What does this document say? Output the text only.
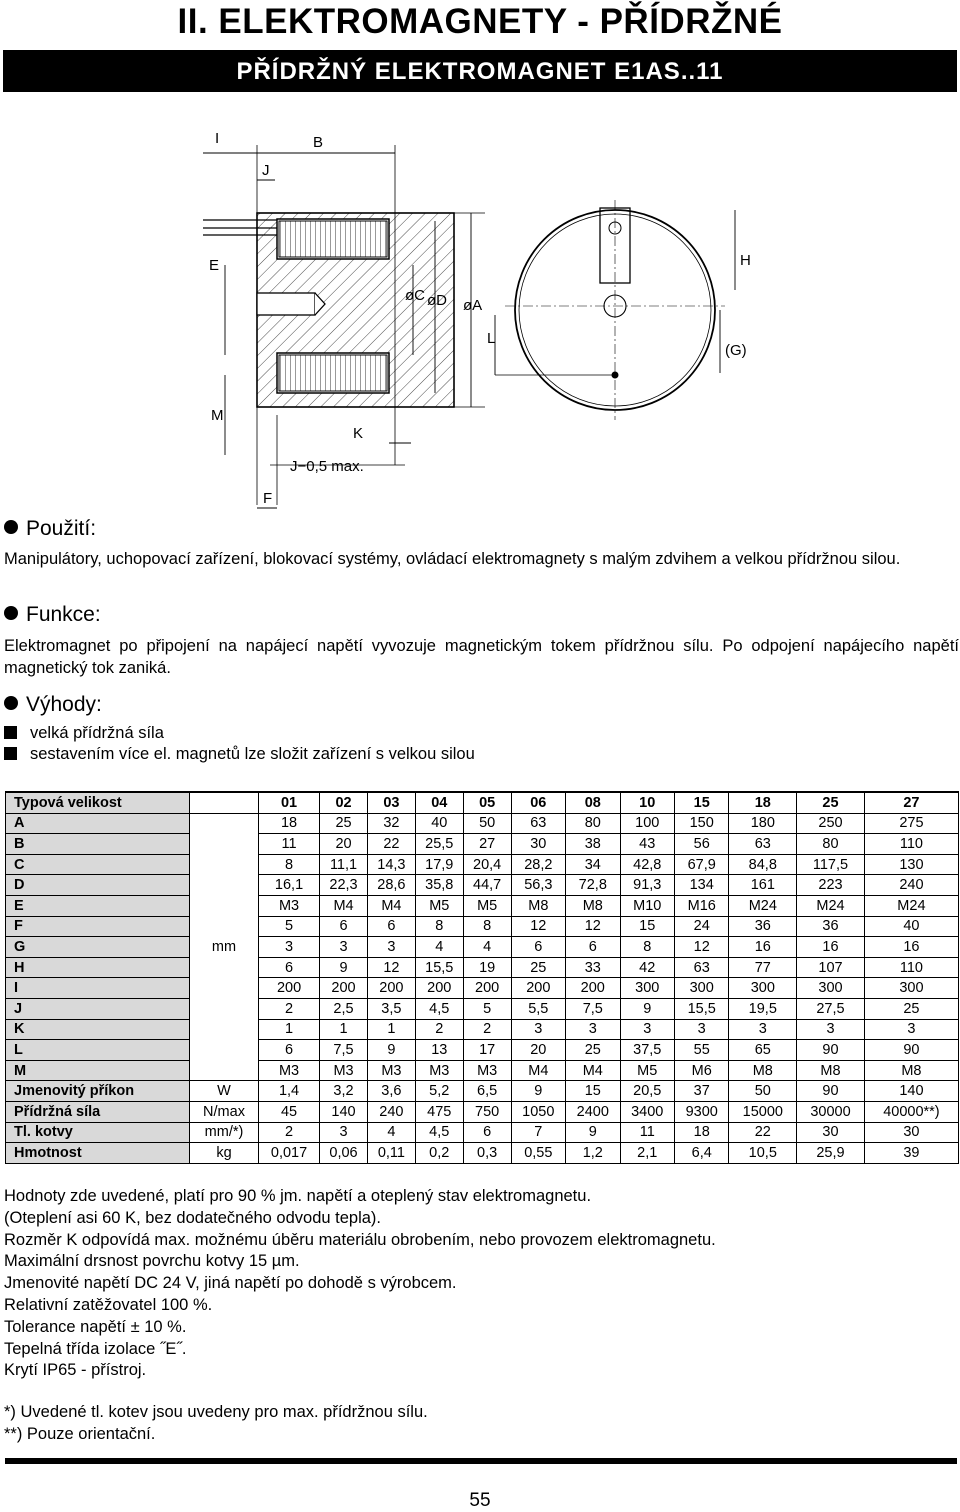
II. ELEKTROMAGNETY - PŘÍDRŽNÉ
PŘÍDRŽNÝ ELEKTROMAGNET E1AS..11
I	B
J
E
øC øD øA
L
H
(G)
M
K
J−0,5 max.
F
Použití:
Manipulátory, uchopovací zařízení, blokovací systémy, ovládací elektromagnety s malým zdvihem a velkou přídržnou silou.
Funkce:
Elektromagnet po připojení na napájecí napětí vyvozuje magnetickým tokem přídržnou sílu. Po odpojení napájecího napětí magnetický tok zaniká.
Výhody:
velká přídržná síla
sestavením více el. magnetů lze složit zařízení s velkou silou
Typová velikost		01	02	03	04	05	06	08	10	15	18	25	27
A	mm	18	25	32	40	50	63	80	100	150	180	250	275
B		11	20	22	25,5	27	30	38	43	56	63	80	110
C		8	11,1	14,3	17,9	20,4	28,2	34	42,8	67,9	84,8	117,5	130
D		16,1	22,3	28,6	35,8	44,7	56,3	72,8	91,3	134	161	223	240
E		M3	M4	M4	M5	M5	M8	M8	M10	M16	M24	M24	M24
F		5	6	6	8	8	12	12	15	24	36	36	40
G		3	3	3	4	4	6	6	8	12	16	16	16
H		6	9	12	15,5	19	25	33	42	63	77	107	110
I		200	200	200	200	200	200	200	300	300	300	300	300
J		2	2,5	3,5	4,5	5	5,5	7,5	9	15,5	19,5	27,5	25
K		1	1	1	2	2	3	3	3	3	3	3	3
L		6	7,5	9	13	17	20	25	37,5	55	65	90	90
M		M3	M3	M3	M3	M3	M4	M4	M5	M6	M8	M8	M8
Jmenovitý příkon	W	1,4	3,2	3,6	5,2	6,5	9	15	20,5	37	50	90	140
Přídržná síla	N/max	45	140	240	475	750	1050	2400	3400	9300	15000	30000	40000**)
Tl. kotvy	mm/*)	2	3	4	4,5	6	7	9	11	18	22	30	30
Hmotnost	kg	0,017	0,06	0,11	0,2	0,3	0,55	1,2	2,1	6,4	10,5	25,9	39
Hodnoty zde uvedené, platí pro 90 % jm. napětí a oteplený stav elektromagnetu.
(Oteplení asi 60 K, bez dodatečného odvodu tepla).
Rozměr K odpovídá max. možnému úběru materiálu obrobením, nebo provozem elektromagnetu.
Maximální drsnost povrchu kotvy 15 µm.
Jmenovité napětí DC 24 V, jiná napětí po dohodě s výrobcem.
Relativní zatěžovatel 100 %.
Tolerance napětí ± 10 %.
Tepelná třída izolace ˝E˝.
Krytí IP65 - přístroj.
*) Uvedené tl. kotev jsou uvedeny pro max. přídržnou sílu.
**) Pouze orientační.
55
